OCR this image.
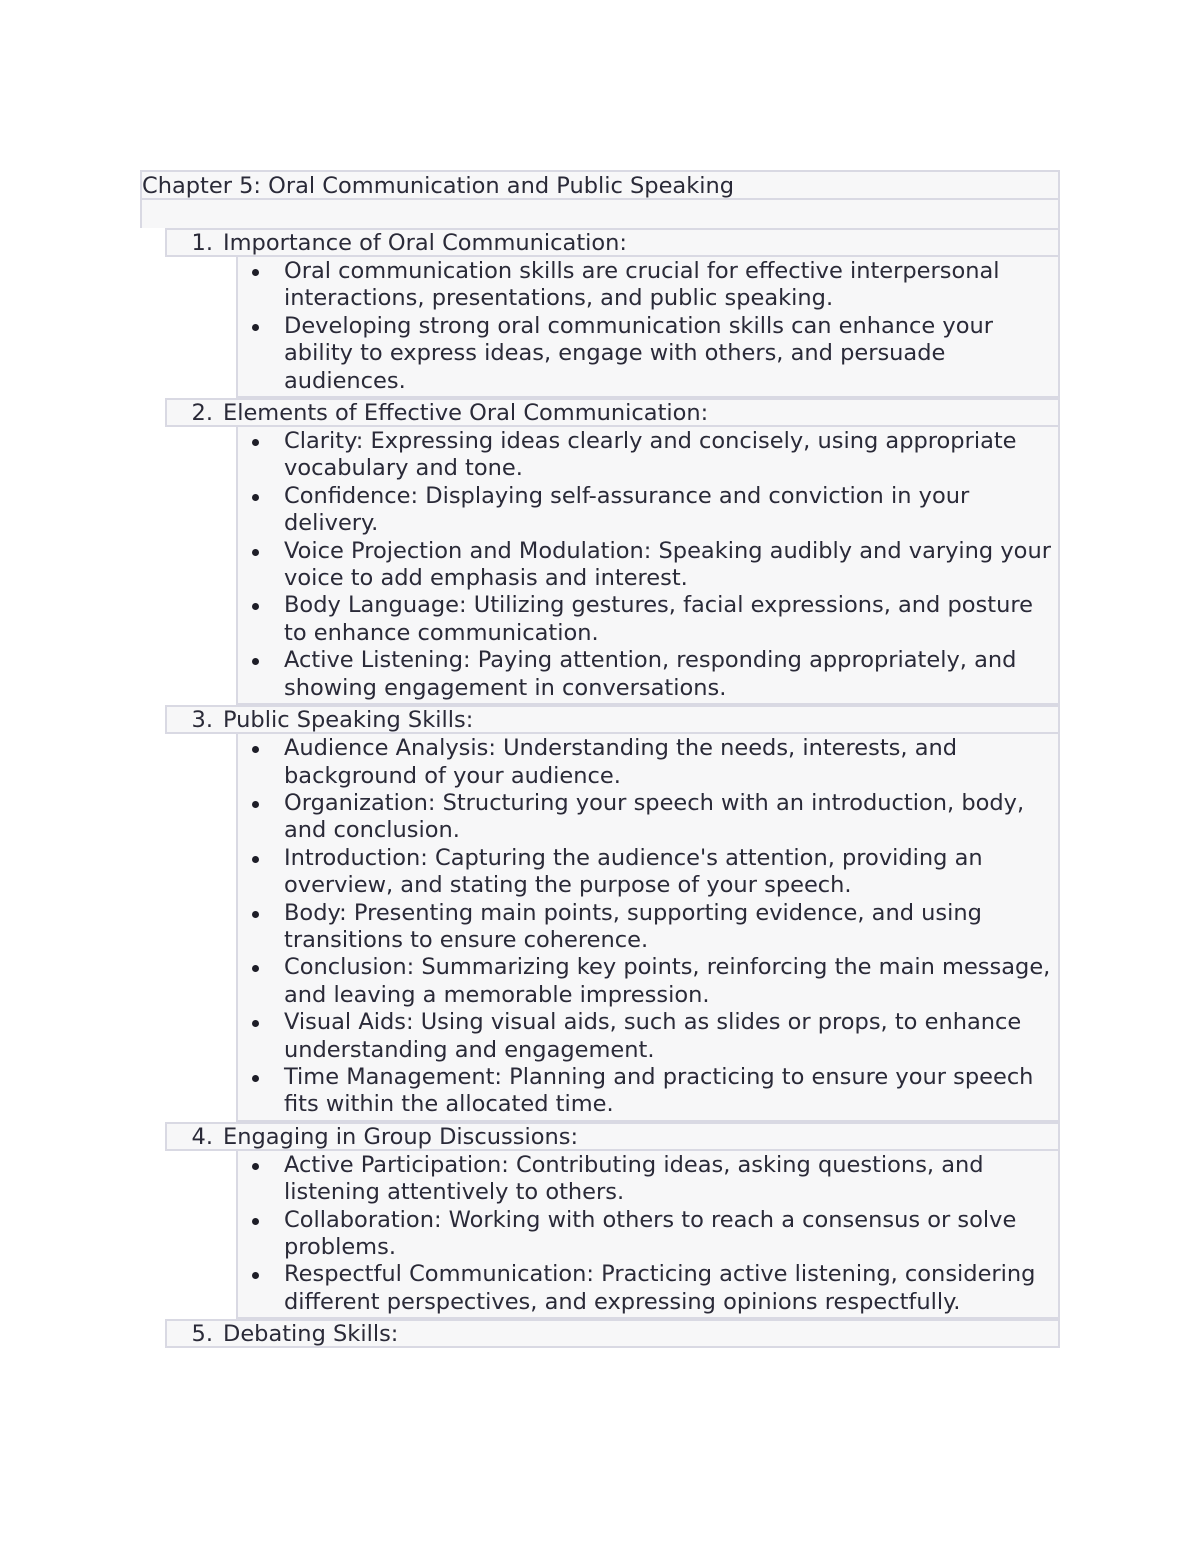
Chapter 5: Oral Communication and Public Speaking
1. Importance of Oral Communication:
Oral communication skills are crucial for effective interpersonal interactions, presentations, and public speaking.
Developing strong oral communication skills can enhance your ability to express ideas, engage with others, and persuade audiences.
2. Elements of Effective Oral Communication:
Clarity: Expressing ideas clearly and concisely, using appropriate vocabulary and tone.
Confidence: Displaying self-assurance and conviction in your delivery.
Voice Projection and Modulation: Speaking audibly and varying your voice to add emphasis and interest.
Body Language: Utilizing gestures, facial expressions, and posture to enhance communication.
Active Listening: Paying attention, responding appropriately, and showing engagement in conversations.
3. Public Speaking Skills:
Audience Analysis: Understanding the needs, interests, and background of your audience.
Organization: Structuring your speech with an introduction, body, and conclusion.
Introduction: Capturing the audience's attention, providing an overview, and stating the purpose of your speech.
Body: Presenting main points, supporting evidence, and using transitions to ensure coherence.
Conclusion: Summarizing key points, reinforcing the main message, and leaving a memorable impression.
Visual Aids: Using visual aids, such as slides or props, to enhance understanding and engagement.
Time Management: Planning and practicing to ensure your speech fits within the allocated time.
4. Engaging in Group Discussions:
Active Participation: Contributing ideas, asking questions, and listening attentively to others.
Collaboration: Working with others to reach a consensus or solve problems.
Respectful Communication: Practicing active listening, considering different perspectives, and expressing opinions respectfully.
5. Debating Skills:
